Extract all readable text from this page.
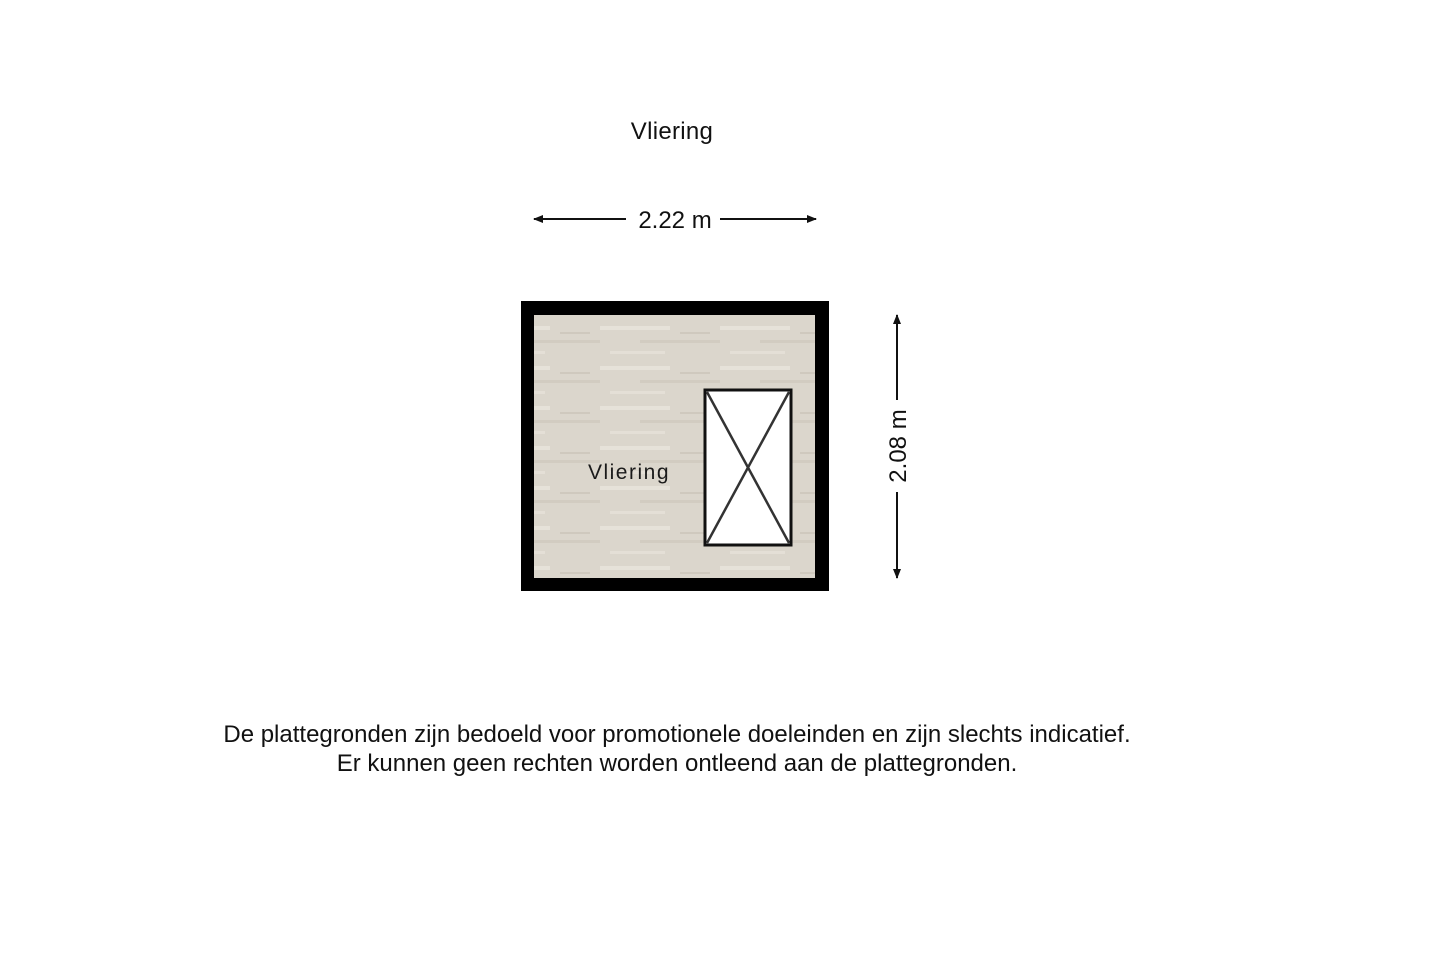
Vliering
2.22 m
Vliering	2.08 m
De plattegronden zijn bedoeld voor promotionele doeleinden en zijn slechts indicatief.
Er kunnen geen rechten worden ontleend aan de plattegronden.
